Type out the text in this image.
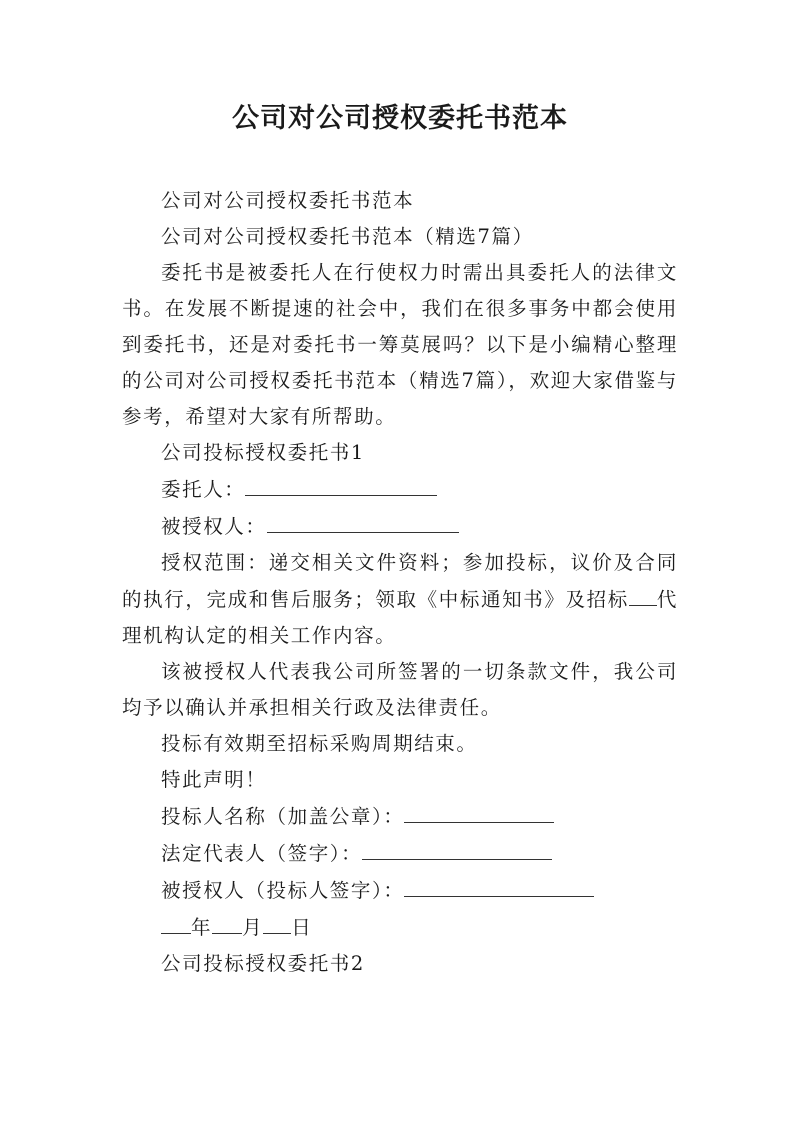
公司对公司授权委托书范本

公司对公司授权委托书范本

公司对公司授权委托书范本（精选7篇）

委托书是被委托人在行使权力时需出具委托人的法律文书。在发展不断提速的社会中，我们在很多事务中都会使用到委托书，还是对委托书一筹莫展吗？以下是小编精心整理的公司对公司授权委托书范本（精选7篇），欢迎大家借鉴与参考，希望对大家有所帮助。

公司投标授权委托书1

委托人：

被授权人：

授权范围：递交相关文件资料；参加投标，议价及合同的执行，完成和售后服务；领取《中标通知书》及招标 代理机构认定的相关工作内容。

该被授权人代表我公司所签署的一切条款文件，我公司均予以确认并承担相关行政及法律责任。

投标有效期至招标采购周期结束。

特此声明！

投标人名称（加盖公章）：

法定代表人（签字）：

被授权人（投标人签字）：

年 月 日

公司投标授权委托书2
